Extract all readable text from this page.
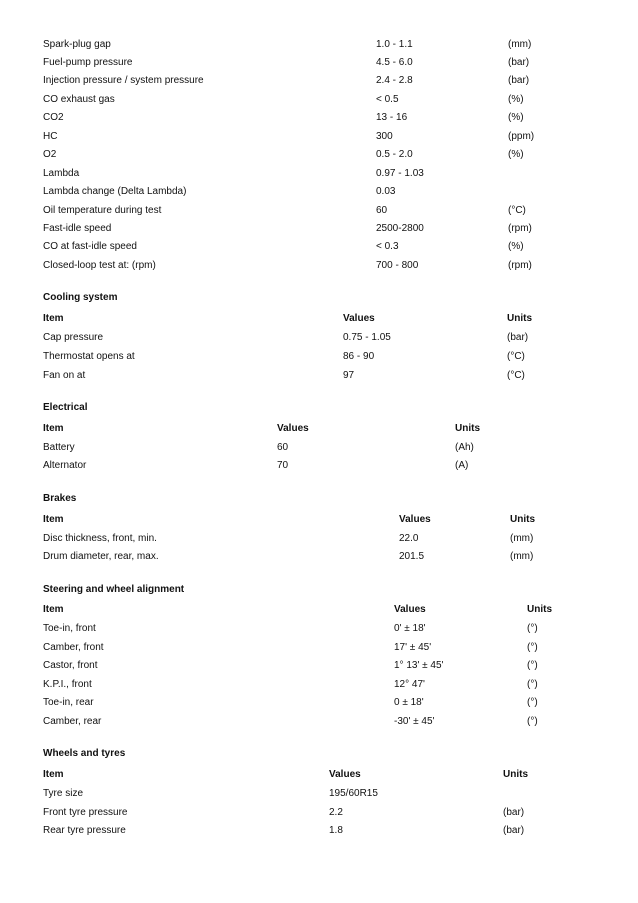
Spark-plug gap	1.0 - 1.1	(mm)
Fuel-pump pressure	4.5 - 6.0	(bar)
Injection pressure / system pressure	2.4 - 2.8	(bar)
CO exhaust gas	< 0.5	(%)
CO2	13 - 16	(%)
HC	300	(ppm)
O2	0.5 - 2.0	(%)
Lambda	0.97 - 1.03
Lambda change (Delta Lambda)	0.03
Oil temperature during test	60	(°C)
Fast-idle speed	2500-2800	(rpm)
CO at fast-idle speed	< 0.3	(%)
Closed-loop test at: (rpm)	700 - 800	(rpm)
Cooling system
Item	Values	Units
Cap pressure	0.75 - 1.05	(bar)
Thermostat opens at	86 - 90	(°C)
Fan on at	97	(°C)
Electrical
Item	Values	Units
Battery	60	(Ah)
Alternator	70	(A)
Brakes
Item	Values	Units
Disc thickness, front, min.	22.0	(mm)
Drum diameter, rear, max.	201.5	(mm)
Steering and wheel alignment
Item	Values	Units
Toe-in, front	0' ± 18'	(°)
Camber, front	17' ± 45'	(°)
Castor, front	1° 13' ± 45'	(°)
K.P.I., front	12° 47'	(°)
Toe-in, rear	0 ± 18'	(°)
Camber, rear	-30' ± 45'	(°)
Wheels and tyres
Item	Values	Units
Tyre size	195/60R15
Front tyre pressure	2.2	(bar)
Rear tyre pressure	1.8	(bar)
